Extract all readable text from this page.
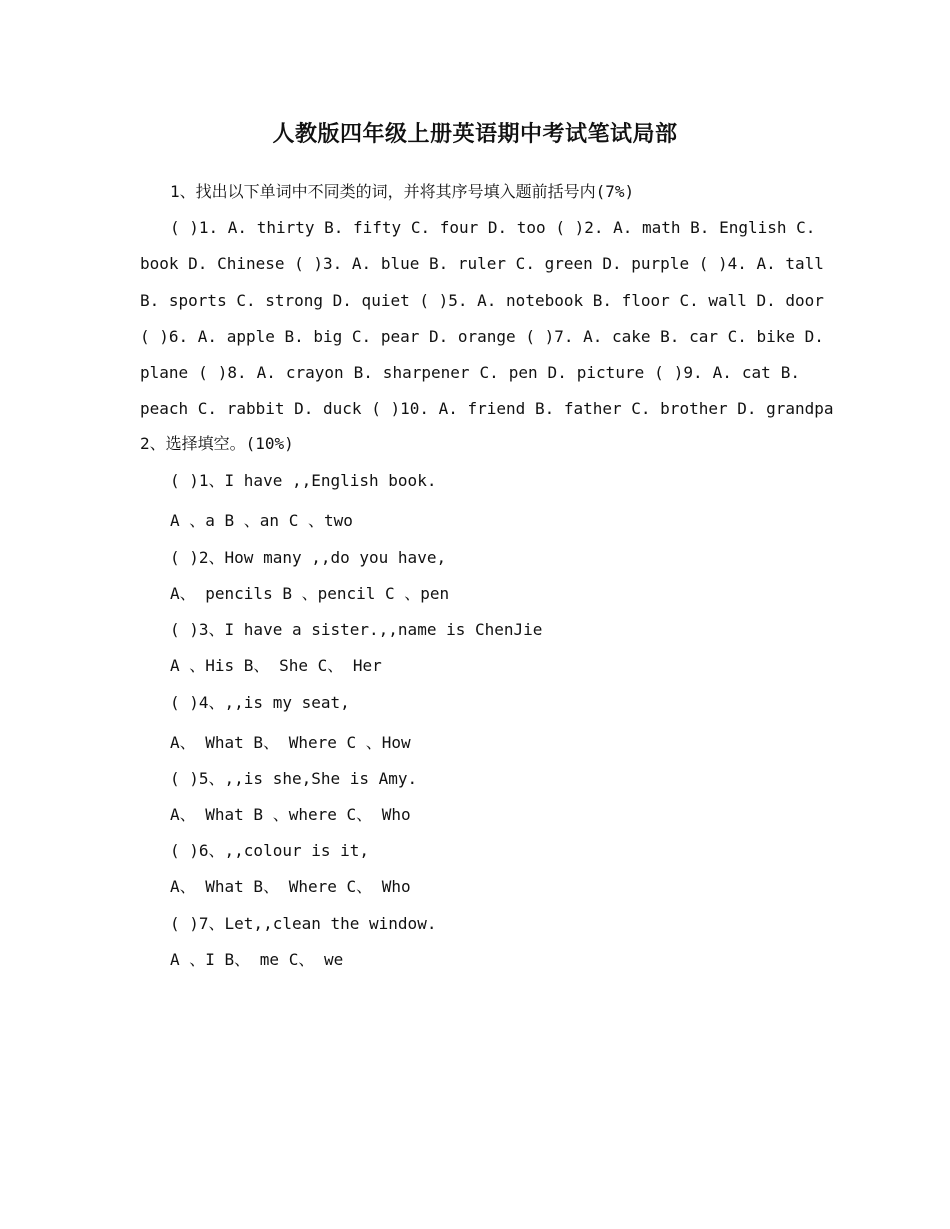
人教版四年级上册英语期中考试笔试局部
1、找出以下单词中不同类的词，并将其序号填入题前括号内(7%)
( )1. A. thirty B. fifty C. four D. too ( )2. A. math B. English C.
book D. Chinese ( )3. A. blue B. ruler C. green D. purple ( )4. A. tall
B. sports C. strong D. quiet ( )5. A. notebook B. floor C. wall D. door
( )6. A. apple B. big C. pear D. orange ( )7. A. cake B. car C. bike D.
plane ( )8. A. crayon B. sharpener C. pen D. picture ( )9. A. cat B.
peach C. rabbit D. duck ( )10. A. friend B. father C. brother D. grandpa
2、选择填空。(10%)
( )1、I have ,,English book.
A 、a B 、an C 、two
( )2、How many ,,do you have,
A、 pencils B 、pencil C 、pen
( )3、I have a sister.,,name is ChenJie
A 、His B、 She C、 Her
( )4、,,is my seat,
A、 What B、 Where C 、How
( )5、,,is she,She is Amy.
A、 What B 、where C、 Who
( )6、,,colour is it,
A、 What B、 Where C、 Who
( )7、Let,,clean the window.
A 、I B、 me C、 we
